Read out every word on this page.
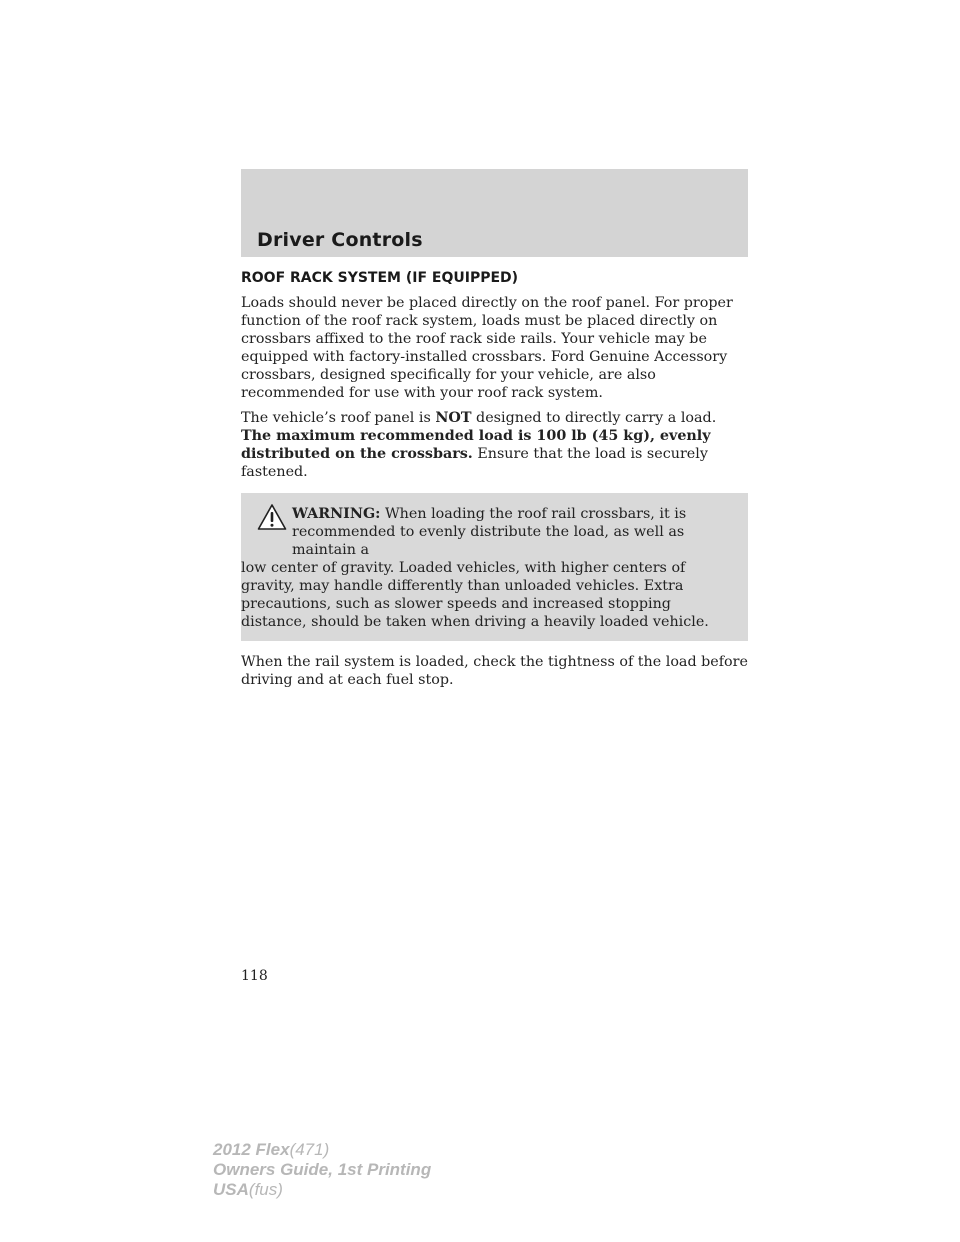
Driver Controls
ROOF RACK SYSTEM (IF EQUIPPED)

Loads should never be placed directly on the roof panel. For proper function of the roof rack system, loads must be placed directly on crossbars affixed to the roof rack side rails. Your vehicle may be equipped with factory-installed crossbars. Ford Genuine Accessory crossbars, designed specifically for your vehicle, are also recommended for use with your roof rack system.

The vehicle’s roof panel is NOT designed to directly carry a load. The maximum recommended load is 100 lb (45 kg), evenly distributed on the crossbars. Ensure that the load is securely fastened.

WARNING: When loading the roof rail crossbars, it is recommended to evenly distribute the load, as well as maintain a
low center of gravity. Loaded vehicles, with higher centers of gravity, may handle differently than unloaded vehicles. Extra precautions, such as slower speeds and increased stopping distance, should be taken when driving a heavily loaded vehicle.

When the rail system is loaded, check the tightness of the load before driving and at each fuel stop.

118
2012 Flex(471)
Owners Guide, 1st Printing
USA(fus)
